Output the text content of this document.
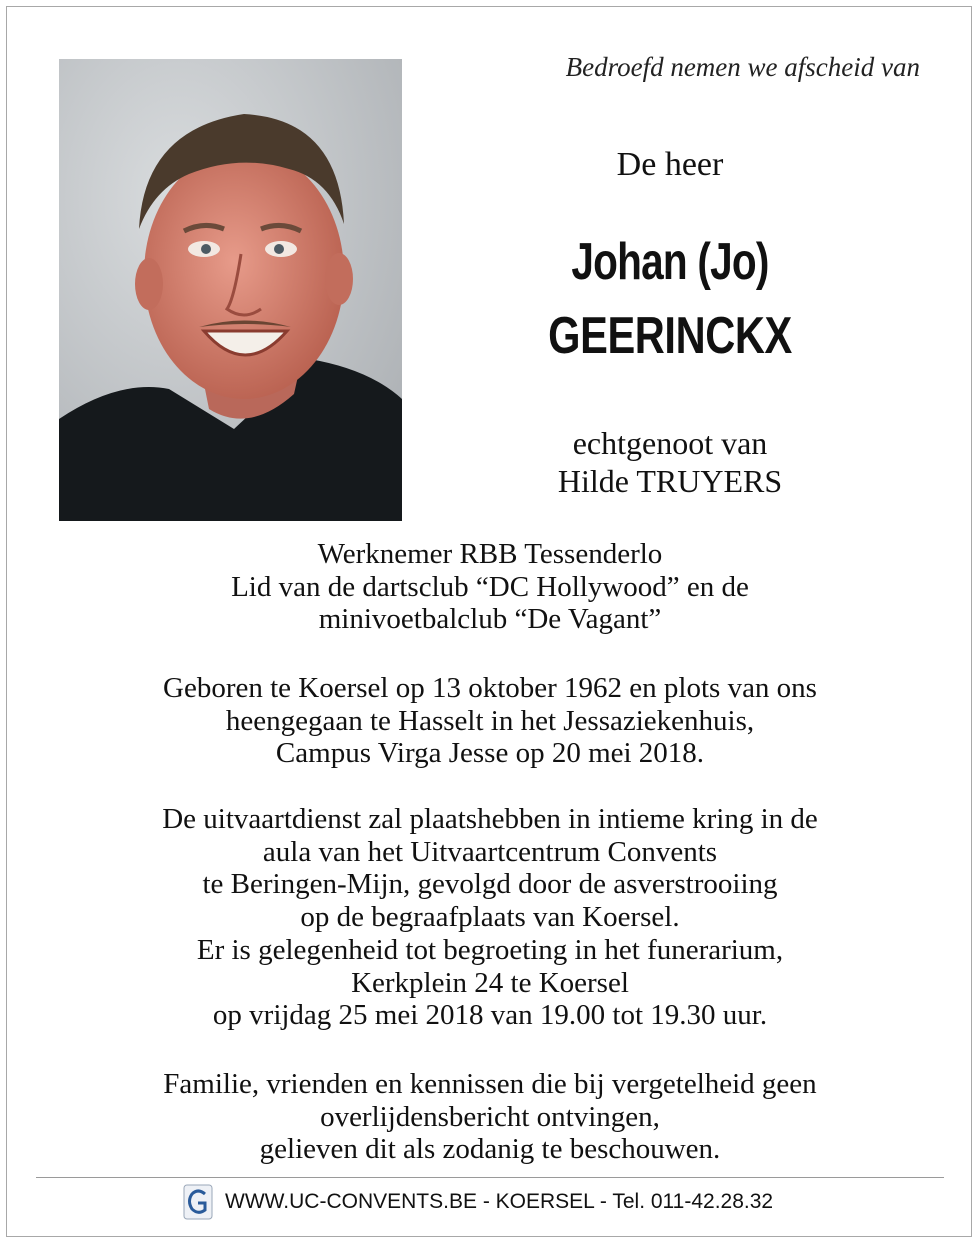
Bedroefd nemen we afscheid van
De heer
Johan (Jo)
GEERINCKX
echtgenoot van
Hilde TRUYERS
Werknemer RBB Tessenderlo
Lid van de dartsclub “DC Hollywood” en de
minivoetbalclub “De Vagant”
Geboren te Koersel op 13 oktober 1962 en plots van ons
heengegaan te Hasselt in het Jessaziekenhuis,
Campus Virga Jesse op 20 mei 2018.
De uitvaartdienst zal plaatshebben in intieme kring in de
aula van het Uitvaartcentrum Convents
te Beringen-Mijn, gevolgd door de asverstrooiing
op de begraafplaats van Koersel.
Er is gelegenheid tot begroeting in het funerarium,
Kerkplein 24 te Koersel
op vrijdag 25 mei 2018 van 19.00 tot 19.30 uur.
Familie, vrienden en kennissen die bij vergetelheid geen
overlijdensbericht ontvingen,
gelieven dit als zodanig te beschouwen.
WWW.UC-CONVENTS.BE - KOERSEL - Tel. 011-42.28.32
